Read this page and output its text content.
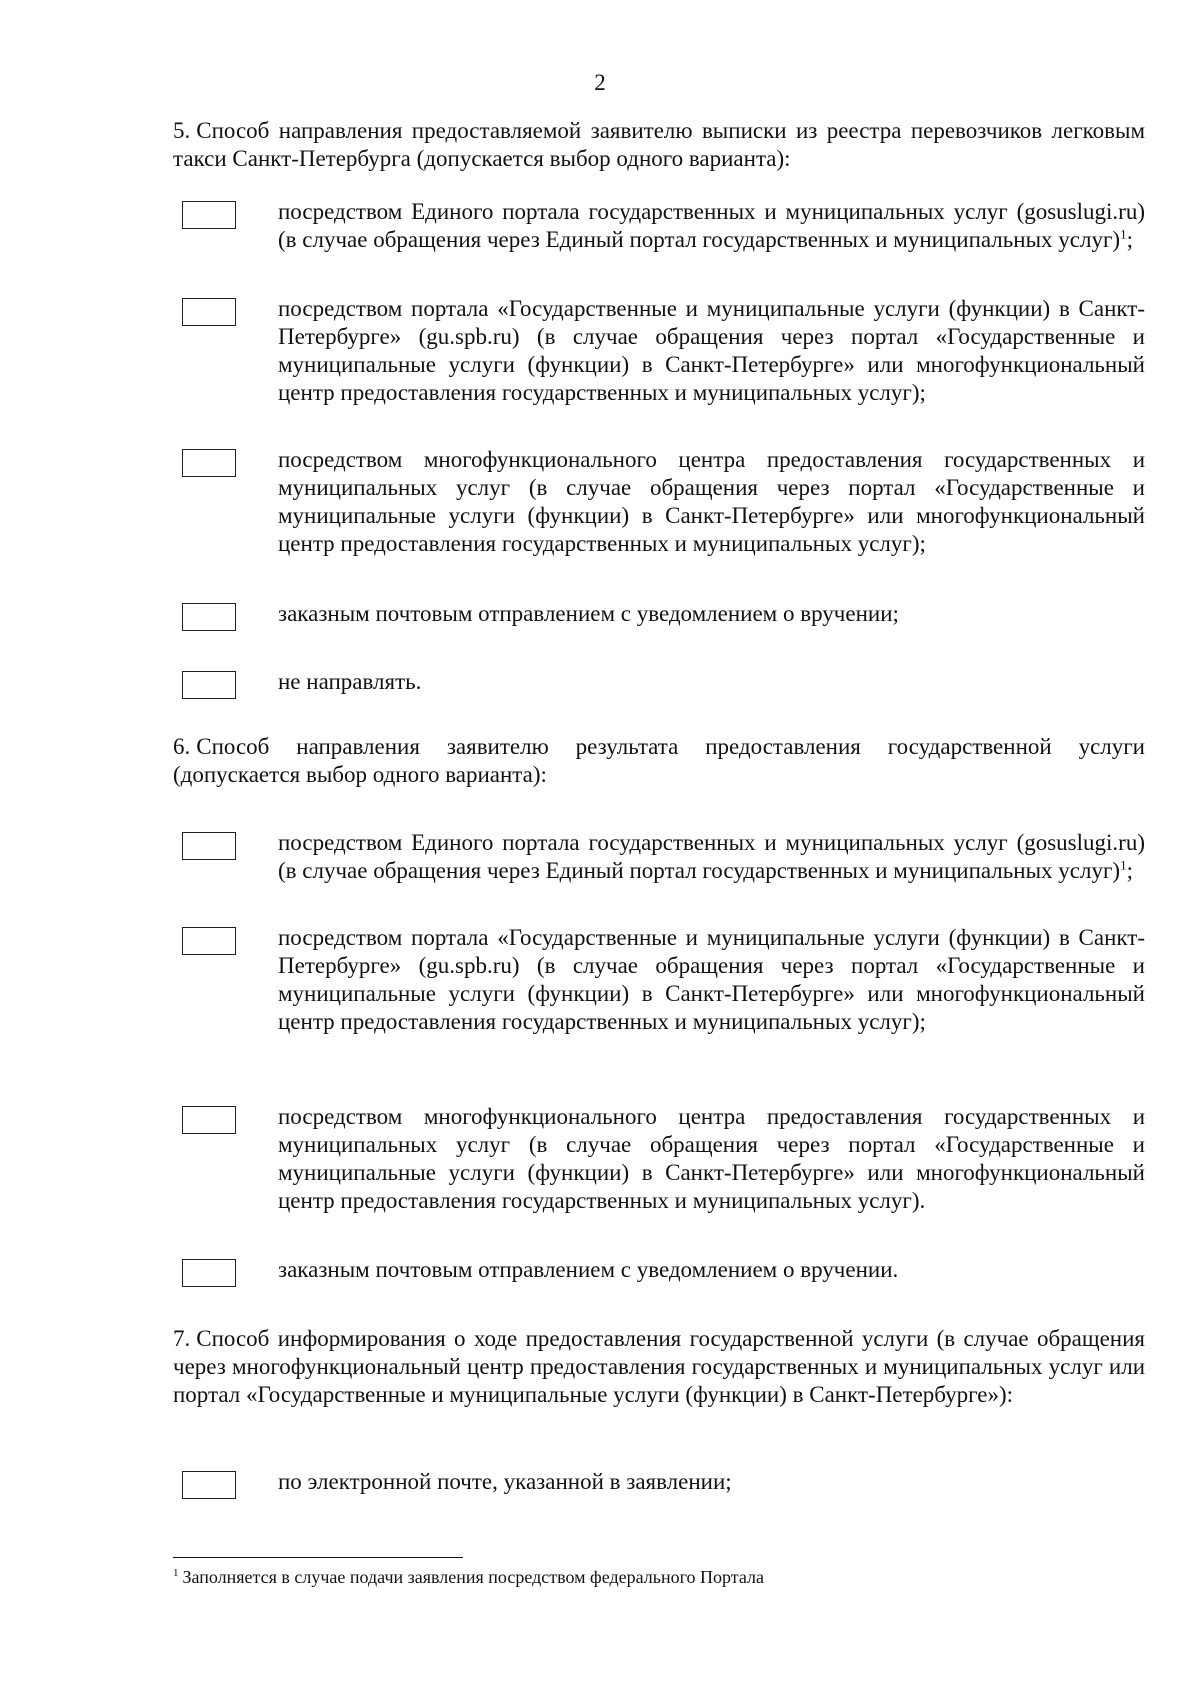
2
5. Способ направления предоставляемой заявителю выписки из реестра перевозчиков легковым такси Санкт-Петербурга (допускается выбор одного варианта):
посредством Единого портала государственных и муниципальных услуг (gosuslugi.ru) (в случае обращения через Единый портал государственных и муниципальных услуг)$^1$;
посредством портала «Государственные и муниципальные услуги (функции) в Санкт-Петербурге» (gu.spb.ru) (в случае обращения через портал «Государственные и муниципальные услуги (функции) в Санкт-Петербурге» или многофункциональный центр предоставления государственных и муниципальных услуг);
посредством многофункционального центра предоставления государственных и муниципальных услуг (в случае обращения через портал «Государственные и муниципальные услуги (функции) в Санкт-Петербурге» или многофункциональный центр предоставления государственных и муниципальных услуг);
заказным почтовым отправлением с уведомлением о вручении;
не направлять.
6. Способ направления заявителю результата предоставления государственной услуги (допускается выбор одного варианта):
посредством Единого портала государственных и муниципальных услуг (gosuslugi.ru) (в случае обращения через Единый портал государственных и муниципальных услуг)$^1$;
посредством портала «Государственные и муниципальные услуги (функции) в Санкт-Петербурге» (gu.spb.ru) (в случае обращения через портал «Государственные и муниципальные услуги (функции) в Санкт-Петербурге» или многофункциональный центр предоставления государственных и муниципальных услуг);
посредством многофункционального центра предоставления государственных и муниципальных услуг (в случае обращения через портал «Государственные и муниципальные услуги (функции) в Санкт-Петербурге» или многофункциональный центр предоставления государственных и муниципальных услуг).
заказным почтовым отправлением с уведомлением о вручении.
7. Способ информирования о ходе предоставления государственной услуги (в случае обращения через многофункциональный центр предоставления государственных и муниципальных услуг или портал «Государственные и муниципальные услуги (функции) в Санкт-Петербурге»):
по электронной почте, указанной в заявлении;
$^1$ Заполняется в случае подачи заявления посредством федерального Портала
